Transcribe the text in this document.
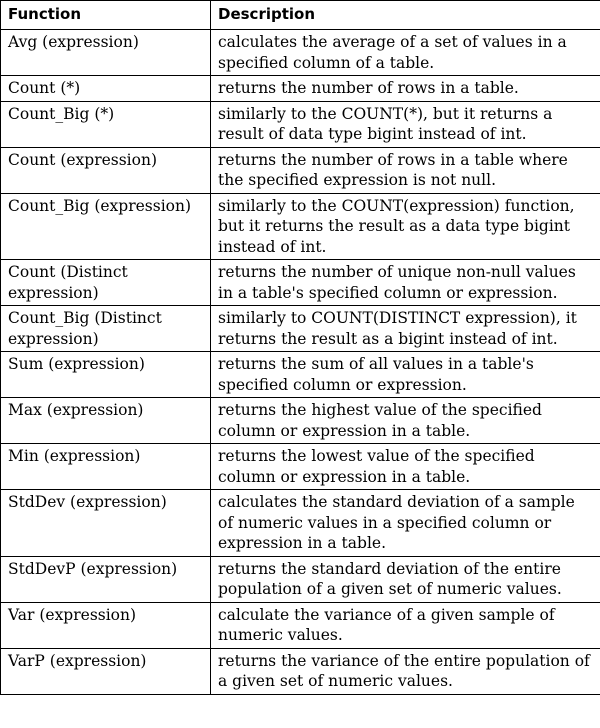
Function	Description
Avg (expression)	calculates the average of a set of values in a specified column of a table.
Count (*)	returns the number of rows in a table.
Count_Big (*)	similarly to the COUNT(*), but it returns a result of data type bigint instead of int.
Count (expression)	returns the number of rows in a table where the specified expression is not null.
Count_Big (expression)	similarly to the COUNT(expression) function, but it returns the result as a data type bigint instead of int.
Count (Distinct expression)	returns the number of unique non-null values in a table's specified column or expression.
Count_Big (Distinct expression)	similarly to COUNT(DISTINCT expression), it returns the result as a bigint instead of int.
Sum (expression)	returns the sum of all values in a table's specified column or expression.
Max (expression)	returns the highest value of the specified column or expression in a table.
Min (expression)	returns the lowest value of the specified column or expression in a table.
StdDev (expression)	calculates the standard deviation of a sample of numeric values in a specified column or expression in a table.
StdDevP (expression)	returns the standard deviation of the entire population of a given set of numeric values.
Var (expression)	calculate the variance of a given sample of numeric values.
VarP (expression)	returns the variance of the entire population of a given set of numeric values.
